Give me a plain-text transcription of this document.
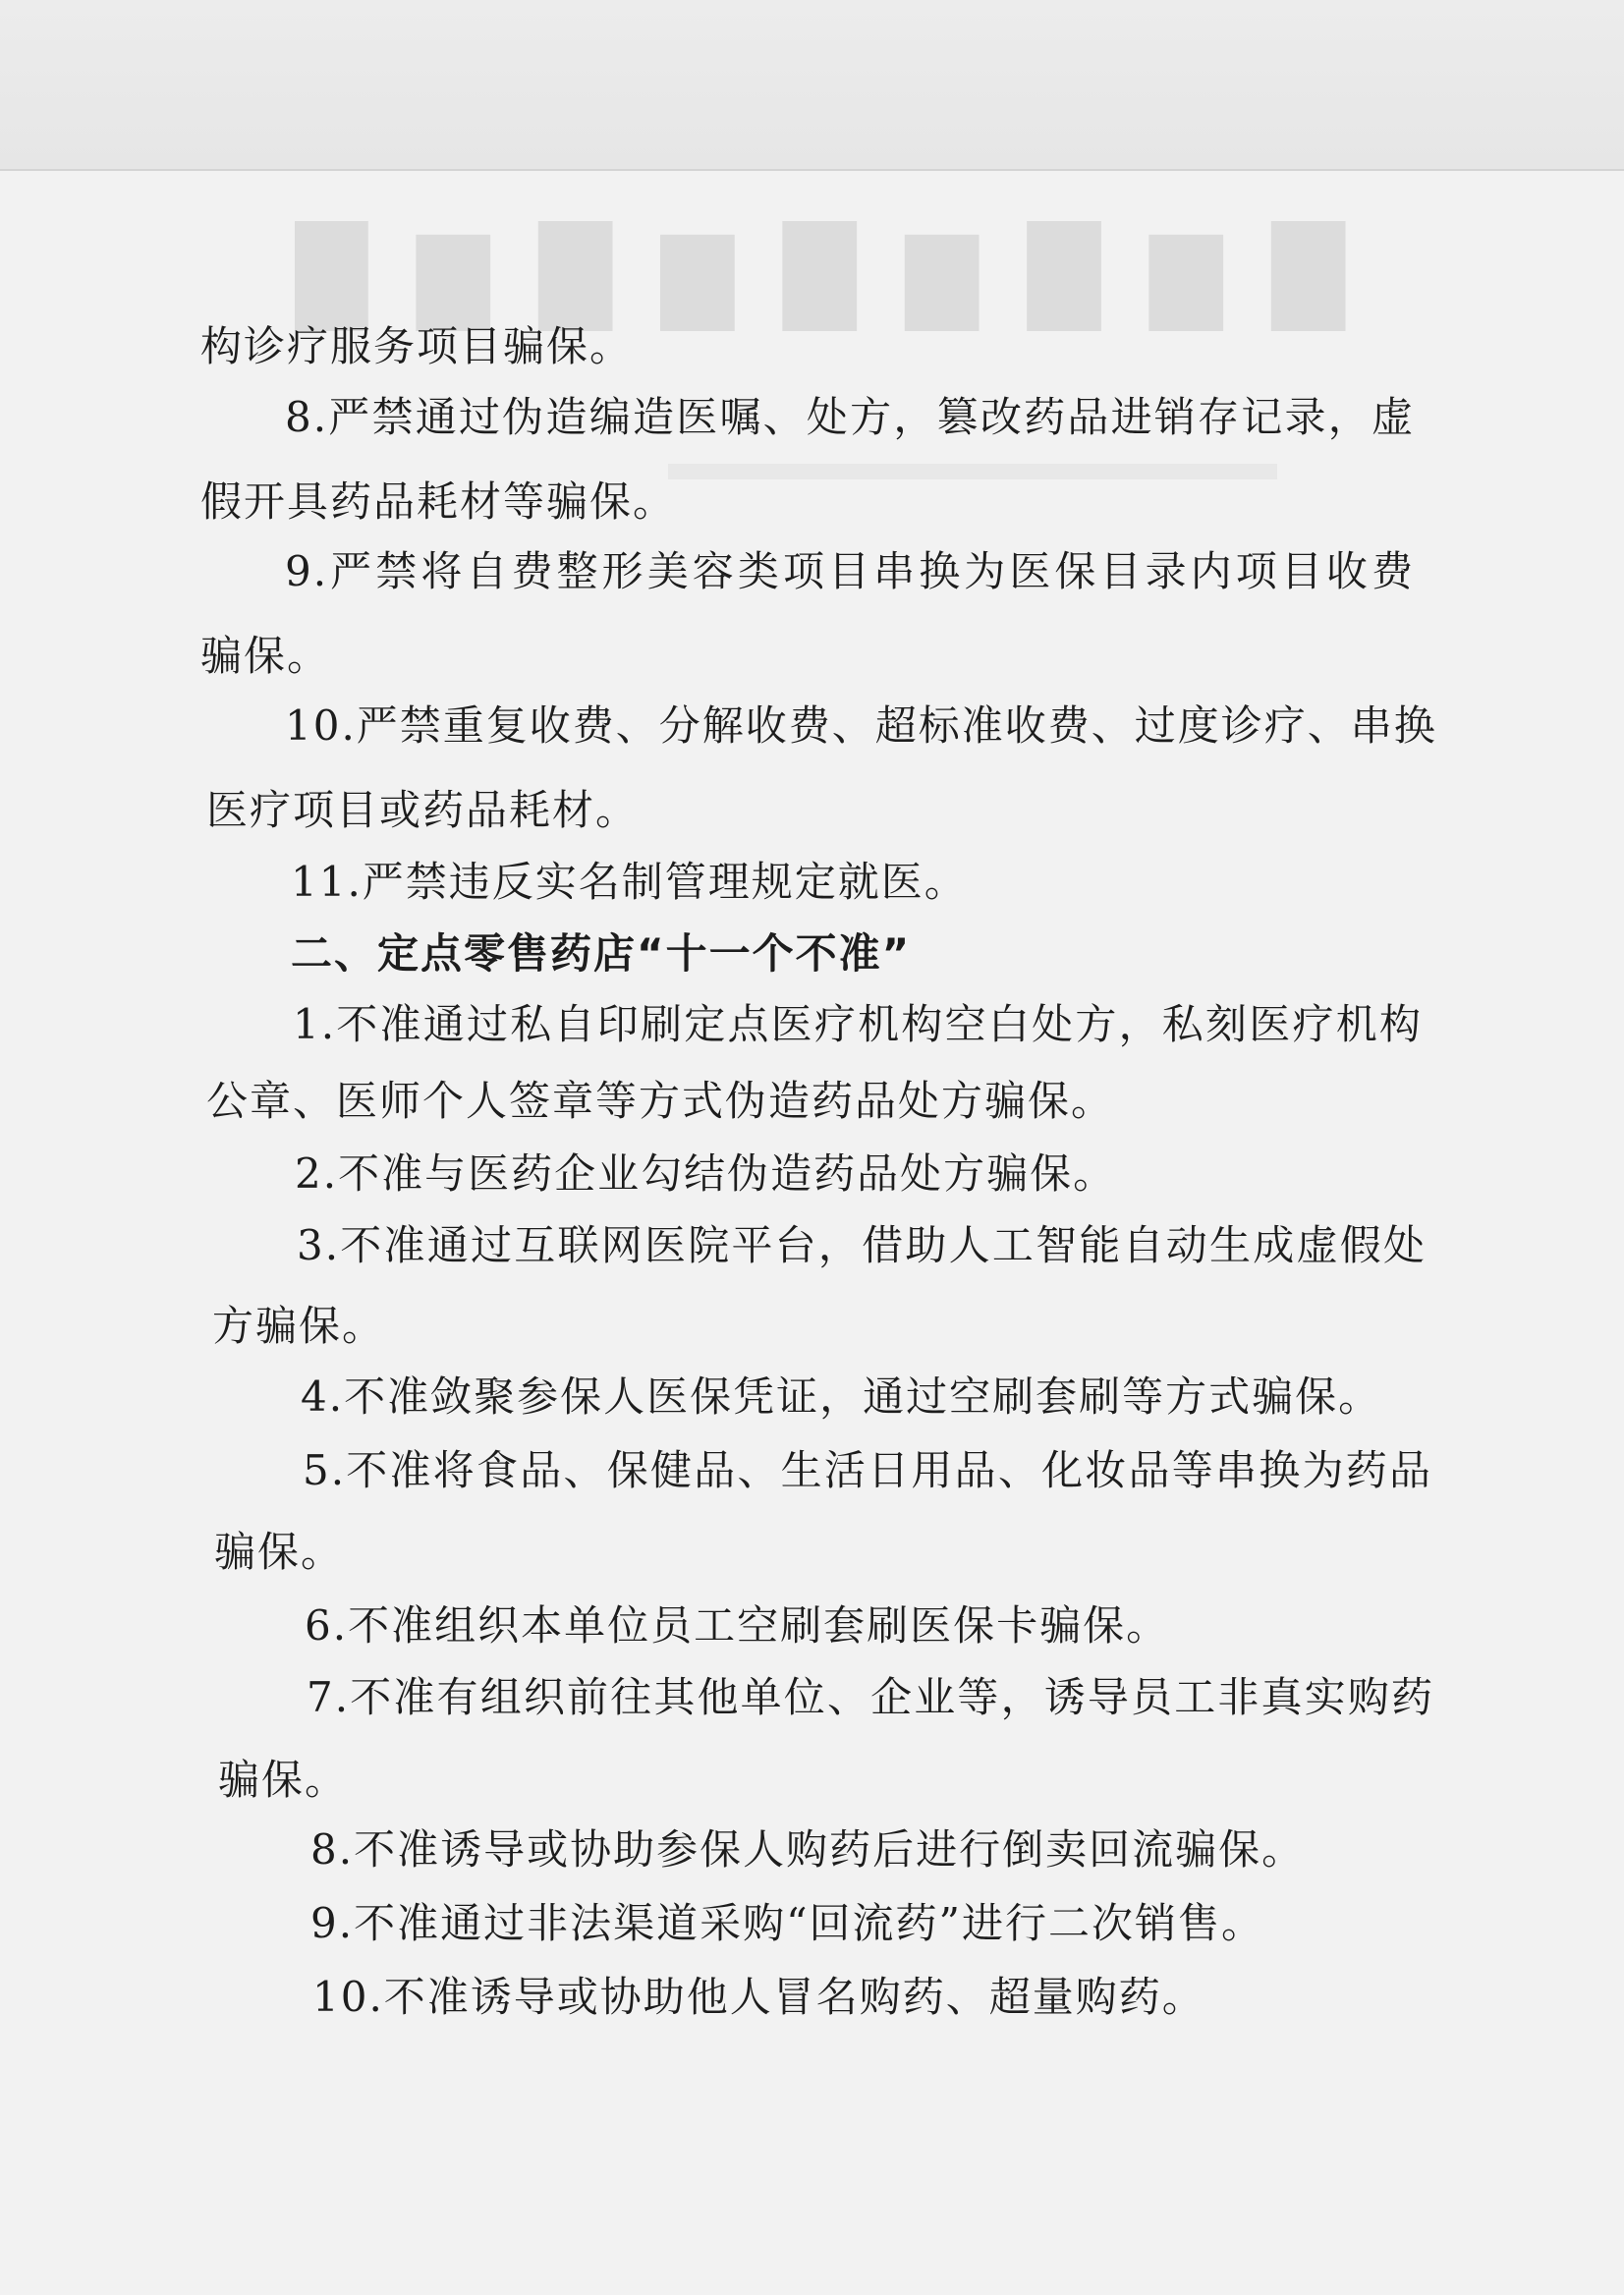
█ ▇ █ ▇ █ ▇ █ ▇ █
构诊疗服务项目骗保。
8.严禁通过伪造编造医嘱、处方，篡改药品进销存记录，虚
假开具药品耗材等骗保。
9.严禁将自费整形美容类项目串换为医保目录内项目收费
骗保。
10.严禁重复收费、分解收费、超标准收费、过度诊疗、串换
医疗项目或药品耗材。
11.严禁违反实名制管理规定就医。
二、定点零售药店“十一个不准”
1.不准通过私自印刷定点医疗机构空白处方，私刻医疗机构
公章、医师个人签章等方式伪造药品处方骗保。
2.不准与医药企业勾结伪造药品处方骗保。
3.不准通过互联网医院平台，借助人工智能自动生成虚假处
方骗保。
4.不准敛聚参保人医保凭证，通过空刷套刷等方式骗保。
5.不准将食品、保健品、生活日用品、化妆品等串换为药品
骗保。
6.不准组织本单位员工空刷套刷医保卡骗保。
7.不准有组织前往其他单位、企业等，诱导员工非真实购药
骗保。
8.不准诱导或协助参保人购药后进行倒卖回流骗保。
9.不准通过非法渠道采购“回流药”进行二次销售。
10.不准诱导或协助他人冒名购药、超量购药。
